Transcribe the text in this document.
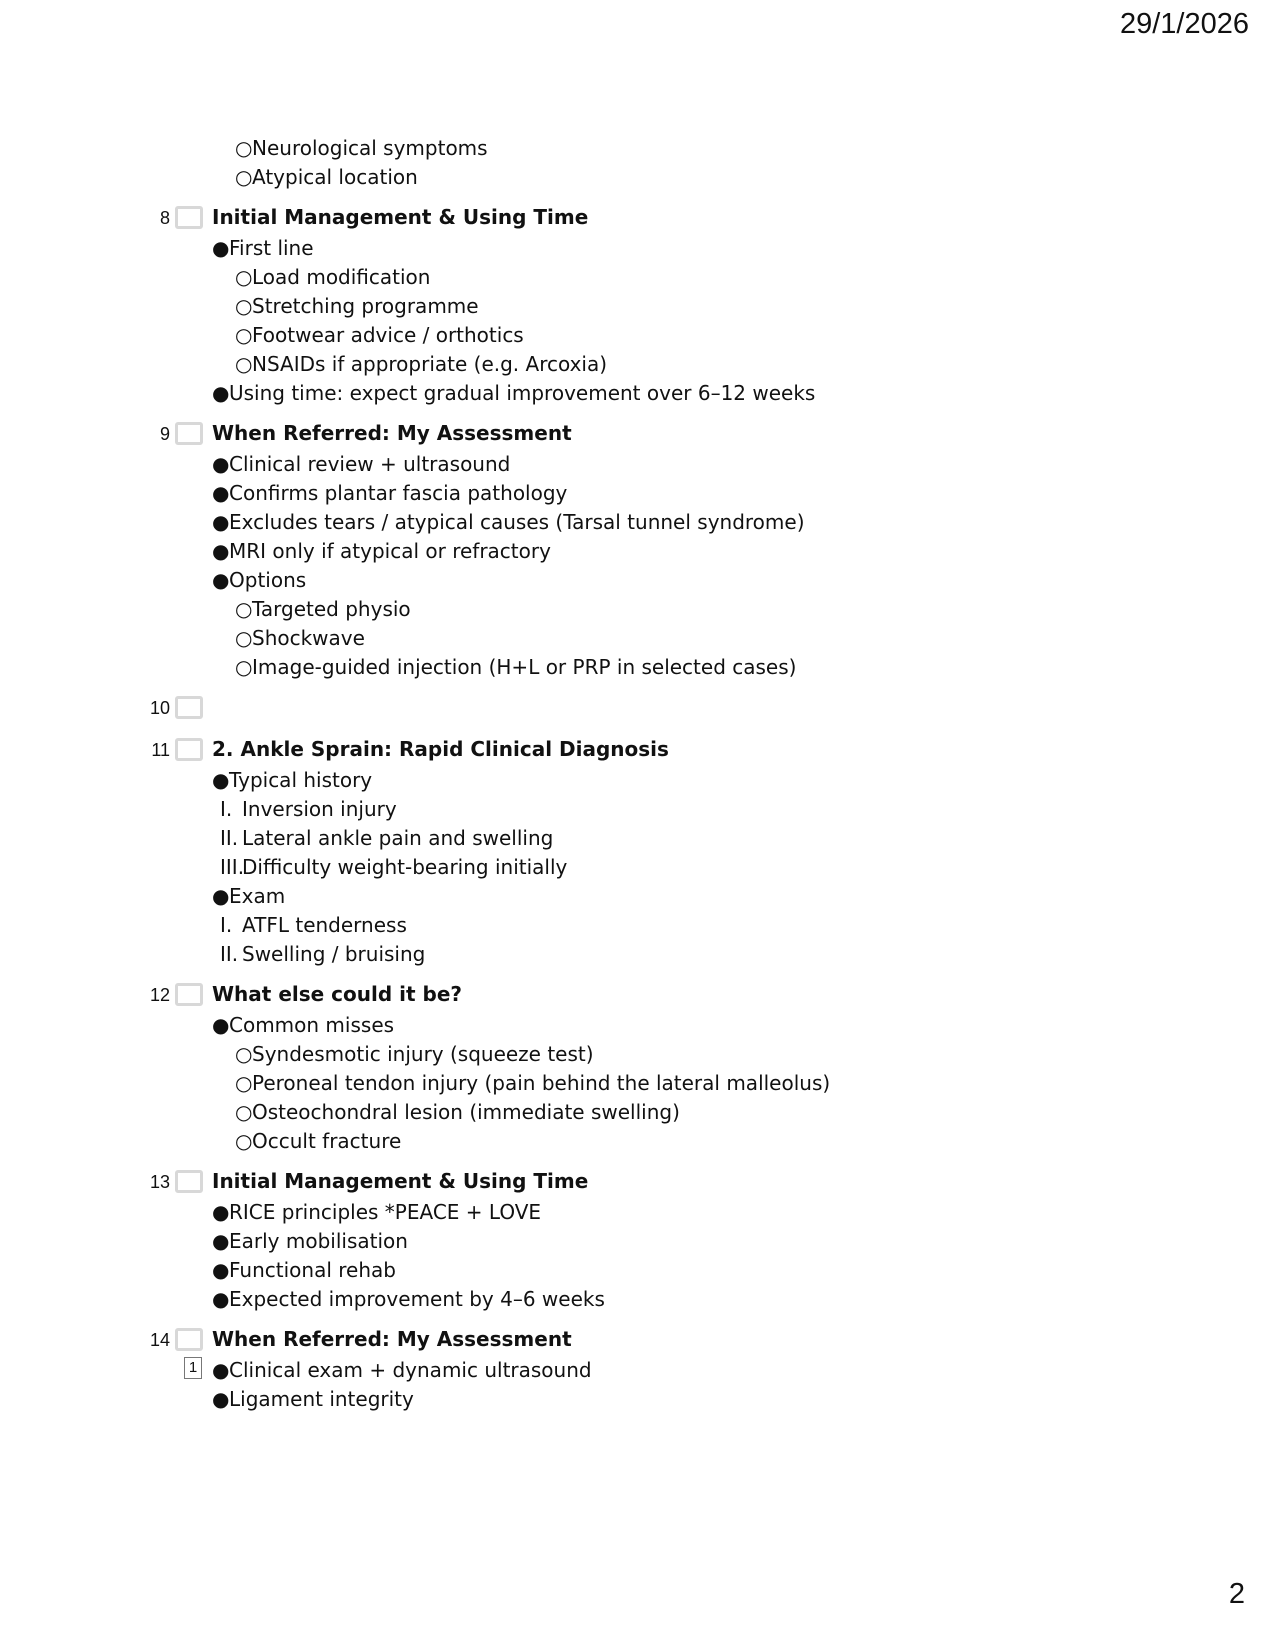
29/1/2026
○Neurological symptoms
○Atypical location
8 Initial Management & Using Time
●First line
○Load modification
○Stretching programme
○Footwear advice / orthotics
○NSAIDs if appropriate (e.g. Arcoxia)
●Using time: expect gradual improvement over 6–12 weeks
9 When Referred: My Assessment
●Clinical review + ultrasound
●Confirms plantar fascia pathology
●Excludes tears / atypical causes (Tarsal tunnel syndrome)
●MRI only if atypical or refractory
●Options
○Targeted physio
○Shockwave
○Image-guided injection (H+L or PRP in selected cases)
10
11 2. Ankle Sprain: Rapid Clinical Diagnosis
●Typical history
I. Inversion injury
II. Lateral ankle pain and swelling
III.Difficulty weight-bearing initially
●Exam
I. ATFL tenderness
II. Swelling / bruising
12 What else could it be?
●Common misses
○Syndesmotic injury (squeeze test)
○Peroneal tendon injury (pain behind the lateral malleolus)
○Osteochondral lesion (immediate swelling)
○Occult fracture
13 Initial Management & Using Time
●RICE principles *PEACE + LOVE
●Early mobilisation
●Functional rehab
●Expected improvement by 4–6 weeks
14 When Referred: My Assessment
1 ●Clinical exam + dynamic ultrasound
●Ligament integrity
2
